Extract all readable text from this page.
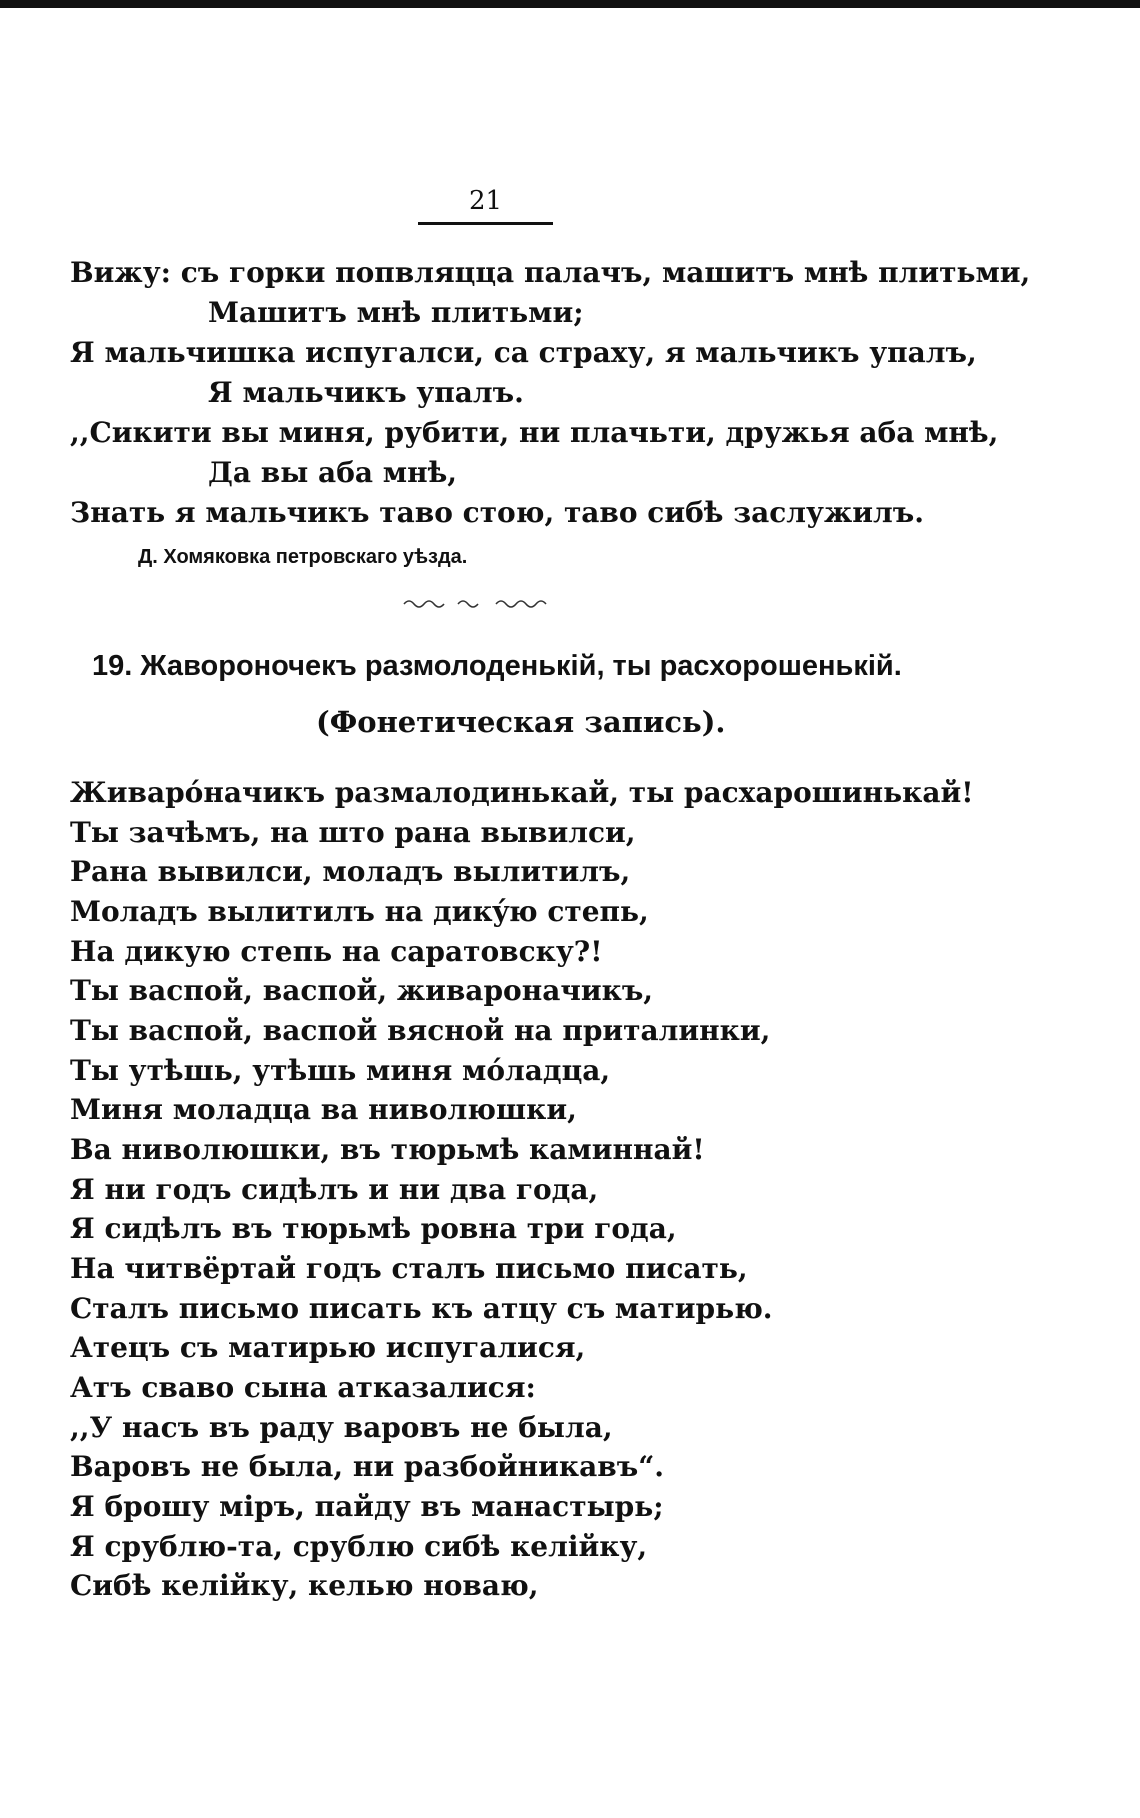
21
Вижу: съ горки попвляцца палачъ, машитъ мнѣ плитьми,
Машитъ мнѣ плитьми;
Я мальчишка испугалси, са страху, я мальчикъ упалъ,
Я мальчикъ упалъ.
,,Сикити вы миня, рубити, ни плачьти, дружья аба мнѣ,
Да вы аба мнѣ,
Знать я мальчикъ таво стою, таво сибѣ заслужилъ.
Д. Хомяковка петровскаго уѣзда.
19. Жавороночекъ размолоденькій, ты расхорошенькій.
(Фонетическая запись).
Живарóначикъ размалодинькай, ты расхарошинькай!
Ты зачѣмъ, на што рана вывилси,
Рана вывилси, моладъ вылитилъ,
Моладъ вылитилъ на дикýю степь,
На дикую степь на саратовску?!
Ты васпой, васпой, живароначикъ,
Ты васпой, васпой вясной на приталинки,
Ты утѣшь, утѣшь миня мóладца,
Миня моладца ва ниволюшки,
Ва ниволюшки, въ тюрьмѣ каминнай!
Я ни годъ сидѣлъ и ни два года,
Я сидѣлъ въ тюрьмѣ ровна три года,
На читвёртай годъ сталъ письмо писать,
Сталъ письмо писать къ атцу съ матирью.
Атецъ съ матирью испугалися,
Атъ сваво сына атказалися:
,,У насъ въ раду варовъ не была,
Варовъ не была, ни разбойникавъ“.
Я брошу міръ, пайду въ манастырь;
Я срублю-та, срублю сибѣ келійку,
Сибѣ келійку, келью новаю,
